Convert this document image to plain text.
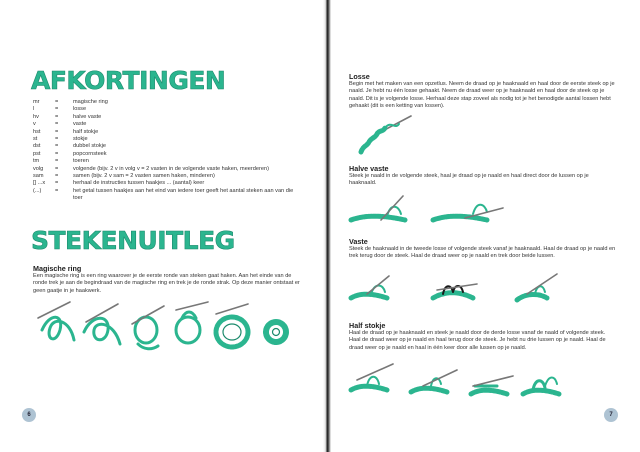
AFKORTINGEN
mr	=	magische ring
l	=	losse
hv	=	halve vaste
v	=	vaste
hst	=	half stokje
st	=	stokje
dst	=	dubbel stokje
pst	=	popcornsteek
tm	=	toeren
volg	=	volgende (bijv. 2 v in volg v = 2 vasten in de volgende vaste haken, meerderen)
sam	=	samen (bijv. 2 v sam = 2 vasten samen haken, minderen)
[] ...x	=	herhaal de instructies tussen haakjes ... (aantal) keer
(...)	=	het getal tussen haakjes aan het eind van iedere toer geeft het aantal steken aan van die toer
STEKENUITLEG
Magische ring

Een magische ring is een ring waarover je de eerste ronde van steken gaat haken. Aan het einde van de ronde trek je aan de begindraad van de magische ring en trek je de ronde strak. Op deze manier ontstaat er geen gaatje in je haakwerk.

6
Losse

Begin met het maken van een opzetlus. Neem de draad op je haaknaald en haal door de eerste steek op je naald. Je hebt nu één losse gehaakt. Neem de draad weer op je haaknaald en haal door de steek op je naald. Dit is je volgende losse. Herhaal deze stap zoveel als nodig tot je het benodigde aantal lossen hebt gehaakt (dit is een ketting van lossen).

Halve vaste

Steek je naald in de volgende steek, haal je draad op je naald en haal direct door de lussen op je haaknaald.

Vaste

Steek de haaknaald in de tweede losse of volgende steek vanaf je haaknaald. Haal de draad op je naald en trek terug door de steek. Haal de draad weer op je naald en trek door beide lussen.

Half stokje

Haal de draad op je haaknaald en steek je naald door de derde losse vanaf de naald of volgende steek. Haal de draad weer op je naald en haal terug door de steek. Je hebt nu drie lussen op je naald. Haal de draad weer op je naald en haal in één keer door alle lussen op je naald.

7
